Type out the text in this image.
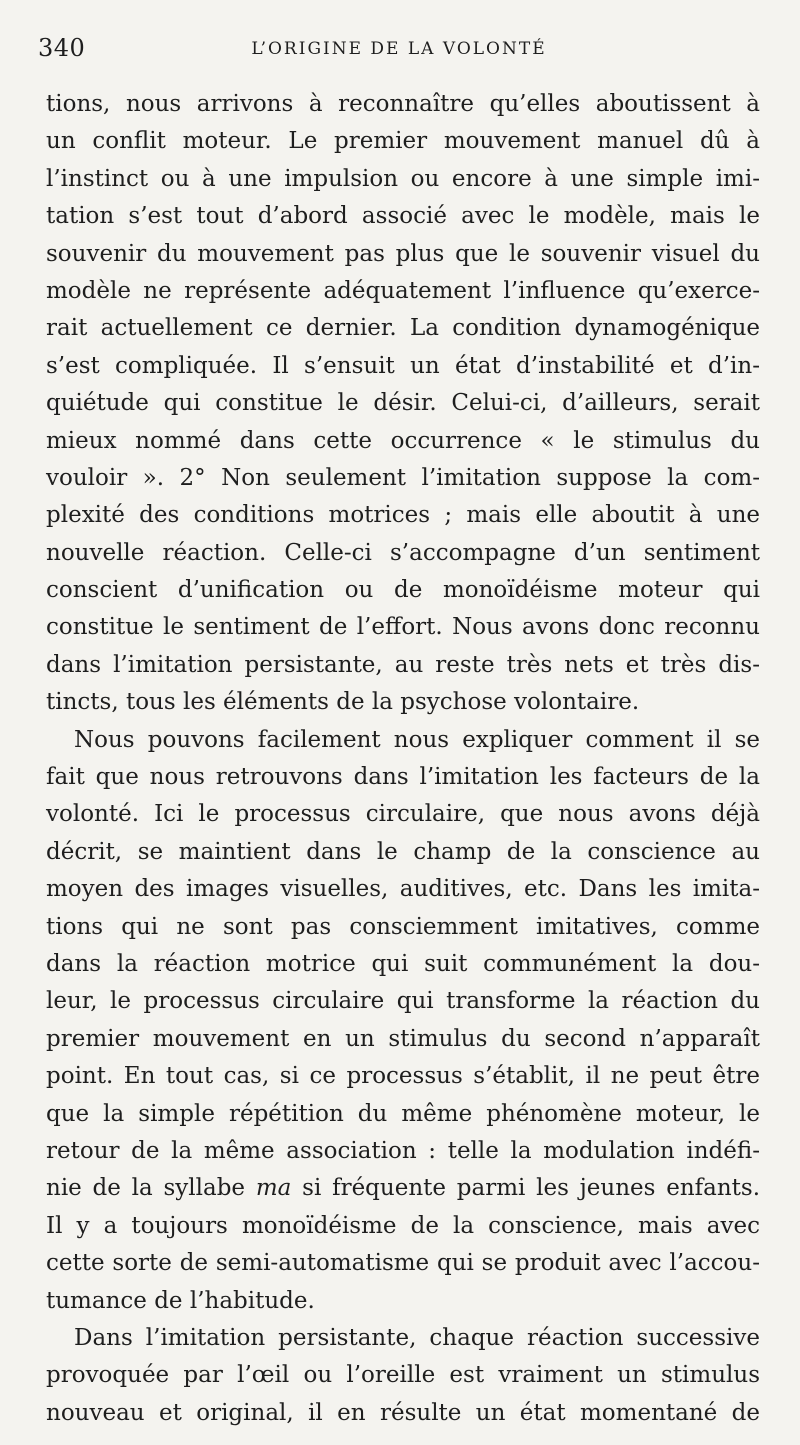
340	L’ORIGINE DE LA VOLONTÉ
tions, nous arrivons à reconnaître qu’elles aboutissent à
un conflit moteur. Le premier mouvement manuel dû à
l’instinct ou à une impulsion ou encore à une simple imi-
tation s’est tout d’abord associé avec le modèle, mais le
souvenir du mouvement pas plus que le souvenir visuel du
modèle ne représente adéquatement l’influence qu’exerce-
rait actuellement ce dernier. La condition dynamogénique
s’est compliquée. Il s’ensuit un état d’instabilité et d’in-
quiétude qui constitue le désir. Celui-ci, d’ailleurs, serait
mieux nommé dans cette occurrence « le stimulus du
vouloir ». 2° Non seulement l’imitation suppose la com-
plexité des conditions motrices ; mais elle aboutit à une
nouvelle réaction. Celle-ci s’accompagne d’un sentiment
conscient d’unification ou de monoïdéisme moteur qui
constitue le sentiment de l’effort. Nous avons donc reconnu
dans l’imitation persistante, au reste très nets et très dis-
tincts, tous les éléments de la psychose volontaire.
Nous pouvons facilement nous expliquer comment il se
fait que nous retrouvons dans l’imitation les facteurs de la
volonté. Ici le processus circulaire, que nous avons déjà
décrit, se maintient dans le champ de la conscience au
moyen des images visuelles, auditives, etc. Dans les imita-
tions qui ne sont pas consciemment imitatives, comme
dans la réaction motrice qui suit communément la dou-
leur, le processus circulaire qui transforme la réaction du
premier mouvement en un stimulus du second n’apparaît
point. En tout cas, si ce processus s’établit, il ne peut être
que la simple répétition du même phénomène moteur, le
retour de la même association : telle la modulation indéfi-
nie de la syllabe ma si fréquente parmi les jeunes enfants.
Il y a toujours monoïdéisme de la conscience, mais avec
cette sorte de semi-automatisme qui se produit avec l’accou-
tumance de l’habitude.
Dans l’imitation persistante, chaque réaction successive
provoquée par l’œil ou l’oreille est vraiment un stimulus
nouveau et original, il en résulte un état momentané de
